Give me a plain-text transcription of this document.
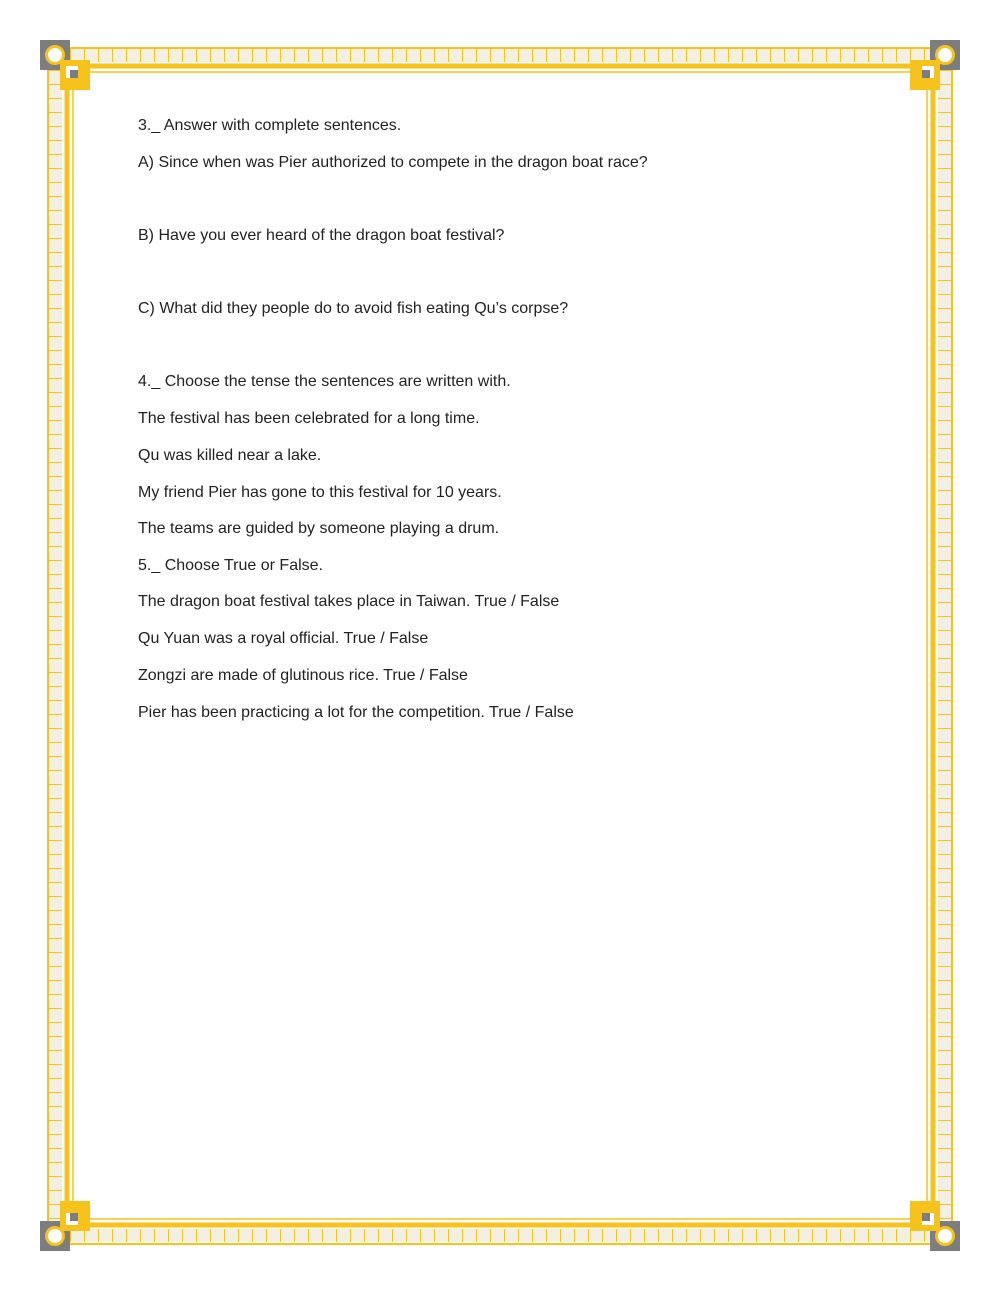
3._ Answer with complete sentences.
A) Since when was Pier authorized to compete in the dragon boat race?
B) Have you ever heard of the dragon boat festival?
C) What did they people do to avoid fish eating Qu’s corpse?
4._ Choose the tense the sentences are written with.
The festival has been celebrated for a long time.
Qu was killed near a lake.
My friend Pier has gone to this festival for 10 years.
The teams are guided by someone playing a drum.
5._ Choose True or False.
The dragon boat festival takes place in Taiwan. True / False
Qu Yuan was a royal official. True / False
Zongzi are made of glutinous rice. True / False
Pier has been practicing a lot for the competition. True / False
